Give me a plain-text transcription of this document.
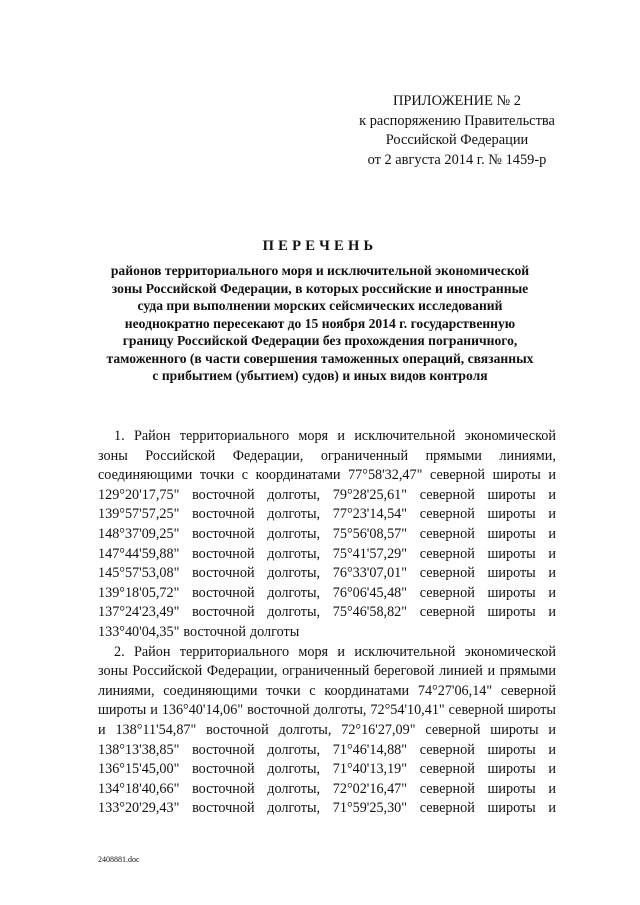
ПРИЛОЖЕНИЕ № 2
к распоряжению Правительства
Российской Федерации
от 2 августа 2014 г. № 1459-р
ПЕРЕЧЕНЬ
районов территориального моря и исключительной экономической
зоны Российской Федерации, в которых российские и иностранные
суда при выполнении морских сейсмических исследований
неоднократно пересекают до 15 ноября 2014 г. государственную
границу Российской Федерации без прохождения пограничного,
таможенного (в части совершения таможенных операций, связанных
с прибытием (убытием) судов) и иных видов контроля
1. Район территориального моря и исключительной экономической
зоны Российской Федерации, ограниченный прямыми линиями,
соединяющими точки с координатами 77°58'32,47" северной широты и
129°20'17,75" восточной долготы, 79°28'25,61" северной широты и
139°57'57,25" восточной долготы, 77°23'14,54" северной широты и
148°37'09,25" восточной долготы, 75°56'08,57" северной широты и
147°44'59,88" восточной долготы, 75°41'57,29" северной широты и
145°57'53,08" восточной долготы, 76°33'07,01" северной широты и
139°18'05,72" восточной долготы, 76°06'45,48" северной широты и
137°24'23,49" восточной долготы, 75°46'58,82" северной широты и
133°40'04,35" восточной долготы
2. Район территориального моря и исключительной экономической
зоны Российской Федерации, ограниченный береговой линией и прямыми
линиями, соединяющими точки с координатами 74°27'06,14" северной
широты и 136°40'14,06" восточной долготы, 72°54'10,41" северной широты
и 138°11'54,87" восточной долготы, 72°16'27,09" северной широты и
138°13'38,85" восточной долготы, 71°46'14,88" северной широты и
136°15'45,00" восточной долготы, 71°40'13,19" северной широты и
134°18'40,66" восточной долготы, 72°02'16,47" северной широты и
133°20'29,43" восточной долготы, 71°59'25,30" северной широты и
2408881.doc
